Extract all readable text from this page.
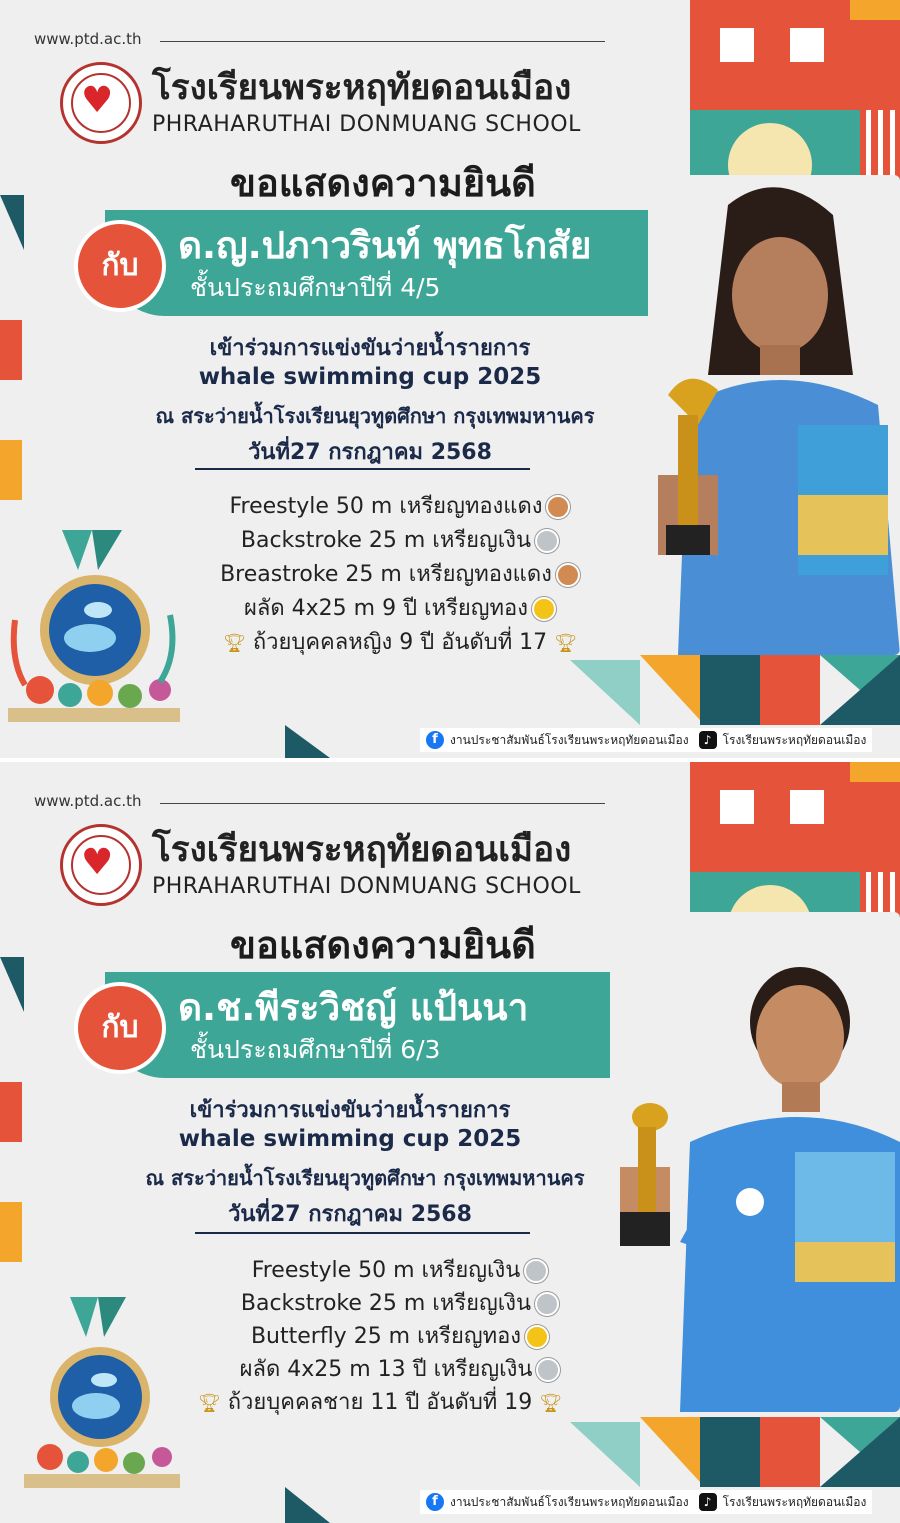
www.ptd.ac.th
♥ โรงเรียนพระหฤทัยดอนเมือง
PHRAHARUTHAI DONMUANG SCHOOL
ขอแสดงความยินดี
กับ	ด.ญ.ปภาวรินท์ พุทธโกสัย
ชั้นประถมศึกษาปีที่ 4/5
เข้าร่วมการแข่งขันว่ายน้ำรายการ
whale swimming cup 2025
ณ สระว่ายน้ำโรงเรียนยุวทูตศึกษา กรุงเทพมหานคร
วันที่27 กรกฎาคม 2568
Freestyle 50 m เหรียญทองแดง
Backstroke 25 m เหรียญเงิน
Breastroke 25 m เหรียญทองแดง
ผลัด 4x25 m 9 ปี เหรียญทอง
🏆︎ ถ้วยบุคคลหญิง 9 ปี อันดับที่ 17 🏆︎
f	งานประชาสัมพันธ์โรงเรียนพระหฤทัยดอนเมือง	♪ โรงเรียนพระหฤทัยดอนเมือง
www.ptd.ac.th
♥ โรงเรียนพระหฤทัยดอนเมือง
PHRAHARUTHAI DONMUANG SCHOOL
ขอแสดงความยินดี
กับ	ด.ช.พีระวิชญ์ แป้นนา
ชั้นประถมศึกษาปีที่ 6/3
เข้าร่วมการแข่งขันว่ายน้ำรายการ
whale swimming cup 2025
ณ สระว่ายน้ำโรงเรียนยุวทูตศึกษา กรุงเทพมหานคร
วันที่27 กรกฎาคม 2568
Freestyle 50 m เหรียญเงิน
Backstroke 25 m เหรียญเงิน
Butterfly 25 m เหรียญทอง
ผลัด 4x25 m 13 ปี เหรียญเงิน
🏆︎ ถ้วยบุคคลชาย 11 ปี อันดับที่ 19 🏆︎
f	งานประชาสัมพันธ์โรงเรียนพระหฤทัยดอนเมือง	♪ โรงเรียนพระหฤทัยดอนเมือง
